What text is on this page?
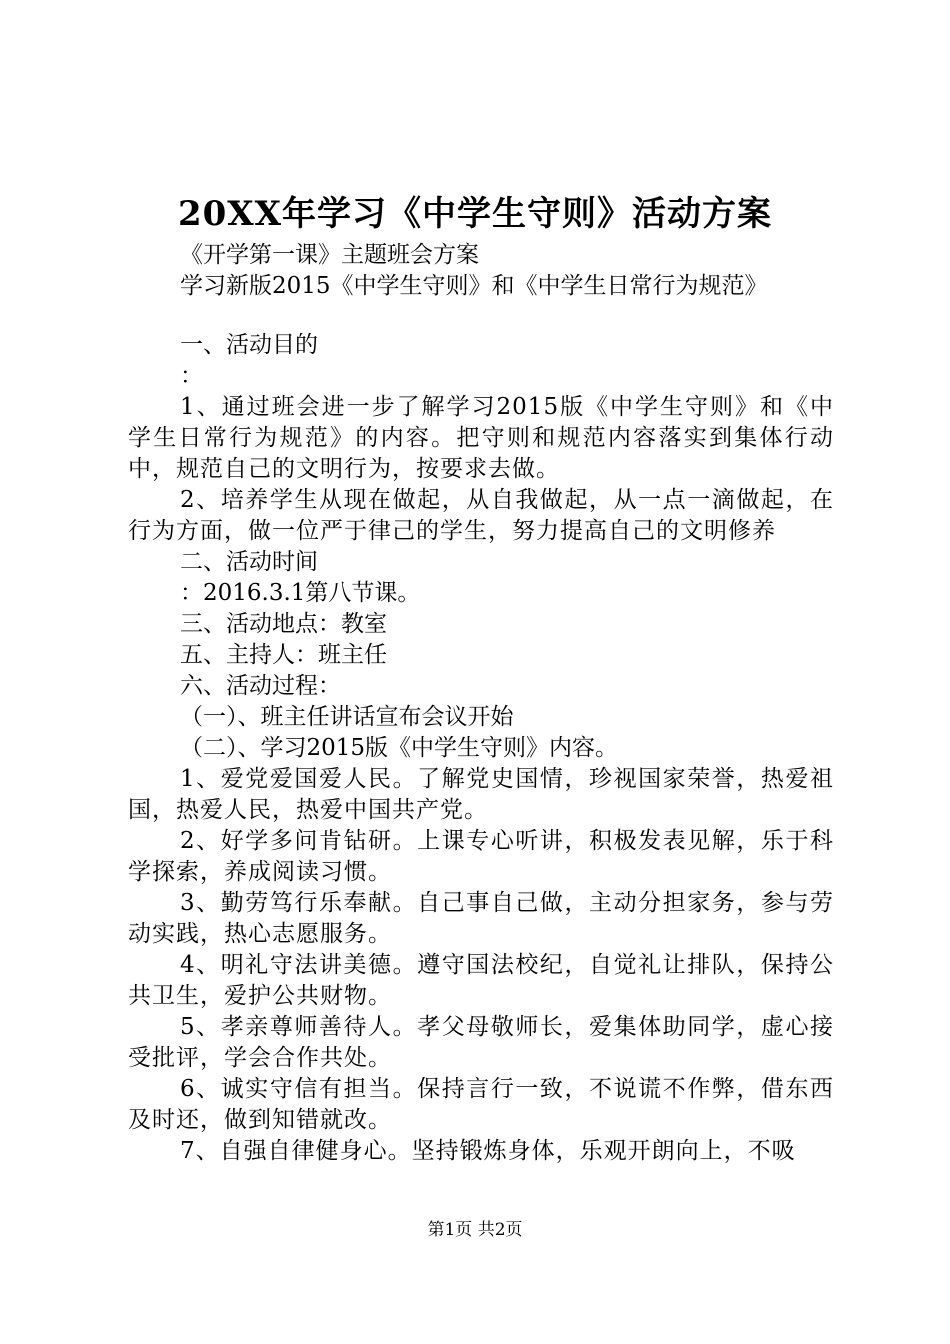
20XX年学习《中学生守则》活动方案

《开学第一课》主题班会方案

学习新版2015《中学生守则》和《中学生日常行为规范》

一、活动目的

：

1、通过班会进一步了解学习2015版《中学生守则》和《中学生日常行为规范》的内容。把守则和规范内容落实到集体行动中，规范自己的文明行为，按要求去做。

2、培养学生从现在做起，从自我做起，从一点一滴做起，在行为方面，做一位严于律己的学生，努力提高自己的文明修养

二、活动时间

：2016.3.1第八节课。

三、活动地点：教室

五、主持人：班主任

六、活动过程：

（一）、班主任讲话宣布会议开始

（二）、学习2015版《中学生守则》内容。

1、爱党爱国爱人民。了解党史国情，珍视国家荣誉，热爱祖国，热爱人民，热爱中国共产党。

2、好学多问肯钻研。上课专心听讲，积极发表见解，乐于科学探索，养成阅读习惯。

3、勤劳笃行乐奉献。自己事自己做，主动分担家务，参与劳动实践，热心志愿服务。

4、明礼守法讲美德。遵守国法校纪，自觉礼让排队，保持公共卫生，爱护公共财物。

5、孝亲尊师善待人。孝父母敬师长，爱集体助同学，虚心接受批评，学会合作共处。

6、诚实守信有担当。保持言行一致，不说谎不作弊，借东西及时还，做到知错就改。

7、自强自律健身心。坚持锻炼身体，乐观开朗向上，不吸

第1页 共2页
